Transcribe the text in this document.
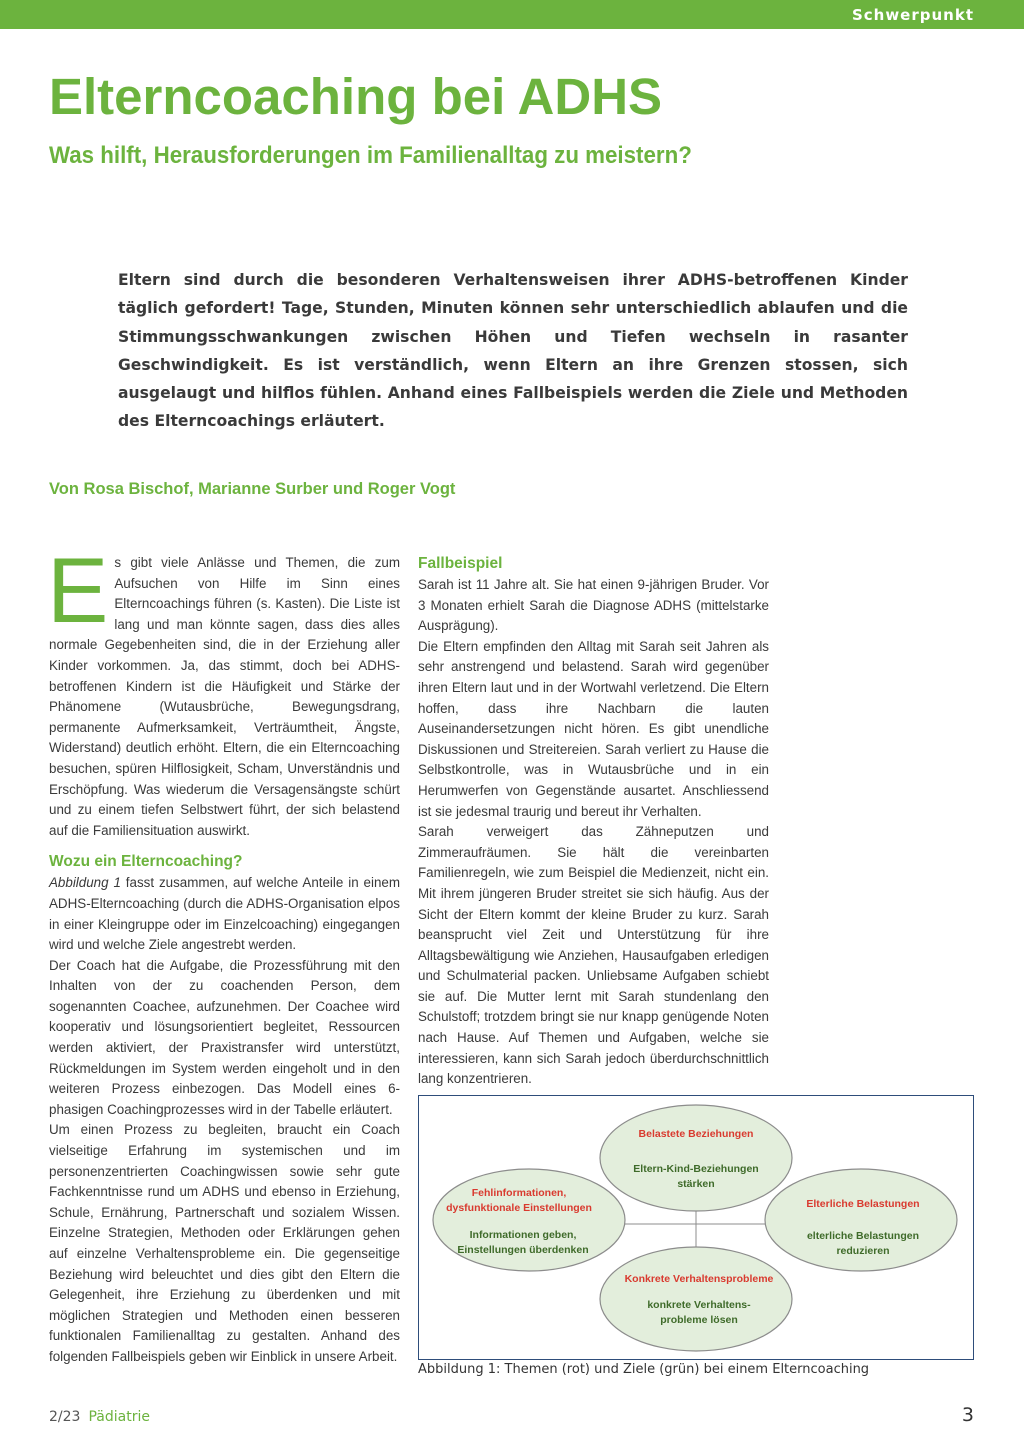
Schwerpunkt
Elterncoaching bei ADHS
Was hilft, Herausforderungen im Familienalltag zu meistern?

Eltern sind durch die besonderen Verhaltensweisen ihrer ADHS-betroffenen Kinder täglich gefordert! Tage, Stunden, Minuten können sehr unterschiedlich ablaufen und die Stimmungsschwankungen zwischen Höhen und Tiefen wechseln in rasanter Geschwindigkeit. Es ist verständlich, wenn Eltern an ihre Grenzen stossen, sich ausgelaugt und hilflos fühlen. Anhand eines Fallbeispiels werden die Ziele und Methoden des Elterncoachings erläutert.

Von Rosa Bischof, Marianne Surber und Roger Vogt

Es gibt viele Anlässe und Themen, die zum Aufsuchen von Hilfe im Sinn eines Elterncoachings führen (s. Kasten). Die Liste ist lang und man könnte sagen, dass dies alles normale Gegebenheiten sind, die in der Erziehung aller Kinder vorkommen. Ja, das stimmt, doch bei ADHS-betroffenen Kindern ist die Häufigkeit und Stärke der Phänomene (Wutausbrüche, Bewegungsdrang, permanente Aufmerksamkeit, Verträumtheit, Ängste, Widerstand) deutlich erhöht. Eltern, die ein Elterncoaching besuchen, spüren Hilflosigkeit, Scham, Unverständnis und Erschöpfung. Was wiederum die Versagensängste schürt und zu einem tiefen Selbstwert führt, der sich belastend auf die Familiensituation auswirkt.

Wozu ein Elterncoaching?

Abbildung 1 fasst zusammen, auf welche Anteile in einem ADHS-Elterncoaching (durch die ADHS-Organisation elpos in einer Kleingruppe oder im Einzelcoaching) eingegangen wird und welche Ziele angestrebt werden.

Der Coach hat die Aufgabe, die Prozessführung mit den Inhalten von der zu coachenden Person, dem sogenannten Coachee, aufzunehmen. Der Coachee wird kooperativ und lösungsorientiert begleitet, Ressourcen werden aktiviert, der Praxistransfer wird unterstützt, Rückmeldungen im System werden eingeholt und in den weiteren Prozess einbezogen. Das Modell eines 6-phasigen Coachingprozesses wird in der Tabelle erläutert.

Um einen Prozess zu begleiten, braucht ein Coach vielseitige Erfahrung im systemischen und im personenzentrierten Coachingwissen sowie sehr gute Fachkenntnisse rund um ADHS und ebenso in Erziehung, Schule, Ernährung, Partnerschaft und sozialem Wissen. Einzelne Strategien, Methoden oder Erklärungen gehen auf einzelne Verhaltensprobleme ein. Die gegenseitige Beziehung wird beleuchtet und dies gibt den Eltern die Gelegenheit, ihre Erziehung zu überdenken und mit möglichen Strategien und Methoden einen besseren funktionalen Familienalltag zu gestalten. Anhand des folgenden Fallbeispiels geben wir Einblick in unsere Arbeit.

Fallbeispiel

Sarah ist 11 Jahre alt. Sie hat einen 9-jährigen Bruder. Vor 3 Monaten erhielt Sarah die Diagnose ADHS (mittelstarke Ausprägung).

Die Eltern empfinden den Alltag mit Sarah seit Jahren als sehr anstrengend und belastend. Sarah wird gegenüber ihren Eltern laut und in der Wortwahl verletzend. Die Eltern hoffen, dass ihre Nachbarn die lauten Auseinandersetzungen nicht hören. Es gibt unendliche Diskussionen und Streitereien. Sarah verliert zu Hause die Selbstkontrolle, was in Wutausbrüche und in ein Herumwerfen von Gegenstände ausartet. Anschliessend ist sie jedesmal traurig und bereut ihr Verhalten.

Sarah verweigert das Zähneputzen und Zimmeraufräumen. Sie hält die vereinbarten Familienregeln, wie zum Beispiel die Medienzeit, nicht ein. Mit ihrem jüngeren Bruder streitet sie sich häufig. Aus der Sicht der Eltern kommt der kleine Bruder zu kurz. Sarah beansprucht viel Zeit und Unterstützung für ihre Alltagsbewältigung wie Anziehen, Hausaufgaben erledigen und Schulmaterial packen. Unliebsame Aufgaben schiebt sie auf. Die Mutter lernt mit Sarah stundenlang den Schulstoff; trotzdem bringt sie nur knapp genügende Noten nach Hause. Auf Themen und Aufgaben, welche sie interessieren, kann sich Sarah jedoch überdurchschnittlich lang konzentrieren.

Belastete Beziehungen
Eltern-Kind-Beziehungen
stärken
Fehlinformationen,
dysfunktionale Einstellungen
Informationen geben,
Einstellungen überdenken
Elterliche Belastungen
elterliche Belastungen
reduzieren
Konkrete Verhaltensprobleme
konkrete Verhaltens-
probleme lösen

Abbildung 1: Themen (rot) und Ziele (grün) bei einem Elterncoaching

2/23 Pädiatrie	3
